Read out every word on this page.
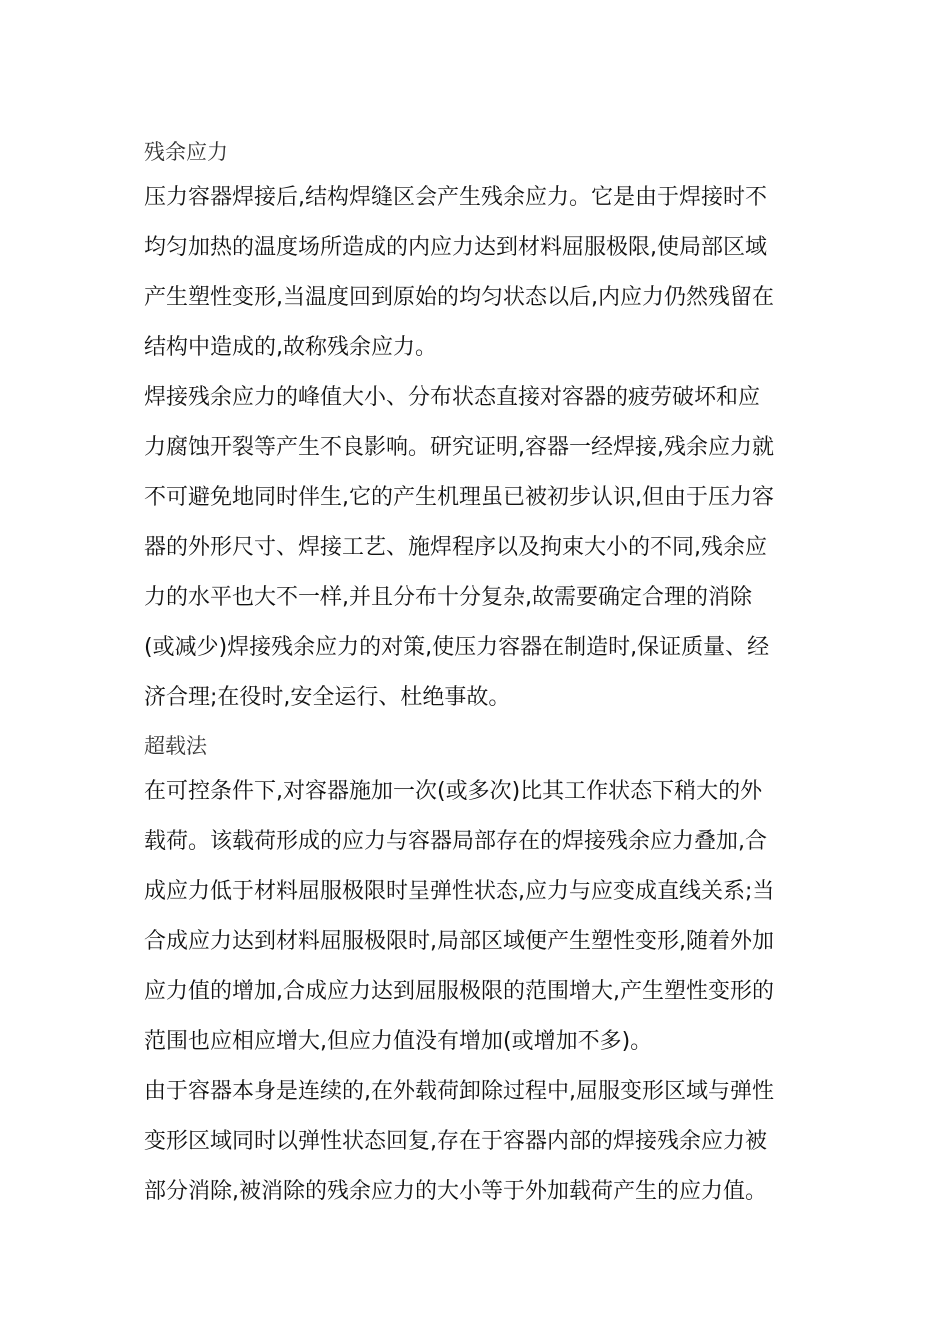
残余应力
压力容器焊接后,结构焊缝区会产生残余应力。它是由于焊接时不
均匀加热的温度场所造成的内应力达到材料屈服极限,使局部区域
产生塑性变形,当温度回到原始的均匀状态以后,内应力仍然残留在
结构中造成的,故称残余应力。
焊接残余应力的峰值大小、分布状态直接对容器的疲劳破坏和应
力腐蚀开裂等产生不良影响。研究证明,容器一经焊接,残余应力就
不可避免地同时伴生,它的产生机理虽已被初步认识,但由于压力容
器的外形尺寸、焊接工艺、施焊程序以及拘束大小的不同,残余应
力的水平也大不一样,并且分布十分复杂,故需要确定合理的消除
(或减少)焊接残余应力的对策,使压力容器在制造时,保证质量、经
济合理;在役时,安全运行、杜绝事故。
超载法
在可控条件下,对容器施加一次(或多次)比其工作状态下稍大的外
载荷。该载荷形成的应力与容器局部存在的焊接残余应力叠加,合
成应力低于材料屈服极限时呈弹性状态,应力与应变成直线关系;当
合成应力达到材料屈服极限时,局部区域便产生塑性变形,随着外加
应力值的增加,合成应力达到屈服极限的范围增大,产生塑性变形的
范围也应相应增大,但应力值没有增加(或增加不多)。
由于容器本身是连续的,在外载荷卸除过程中,屈服变形区域与弹性
变形区域同时以弹性状态回复,存在于容器内部的焊接残余应力被
部分消除,被消除的残余应力的大小等于外加载荷产生的应力值。
